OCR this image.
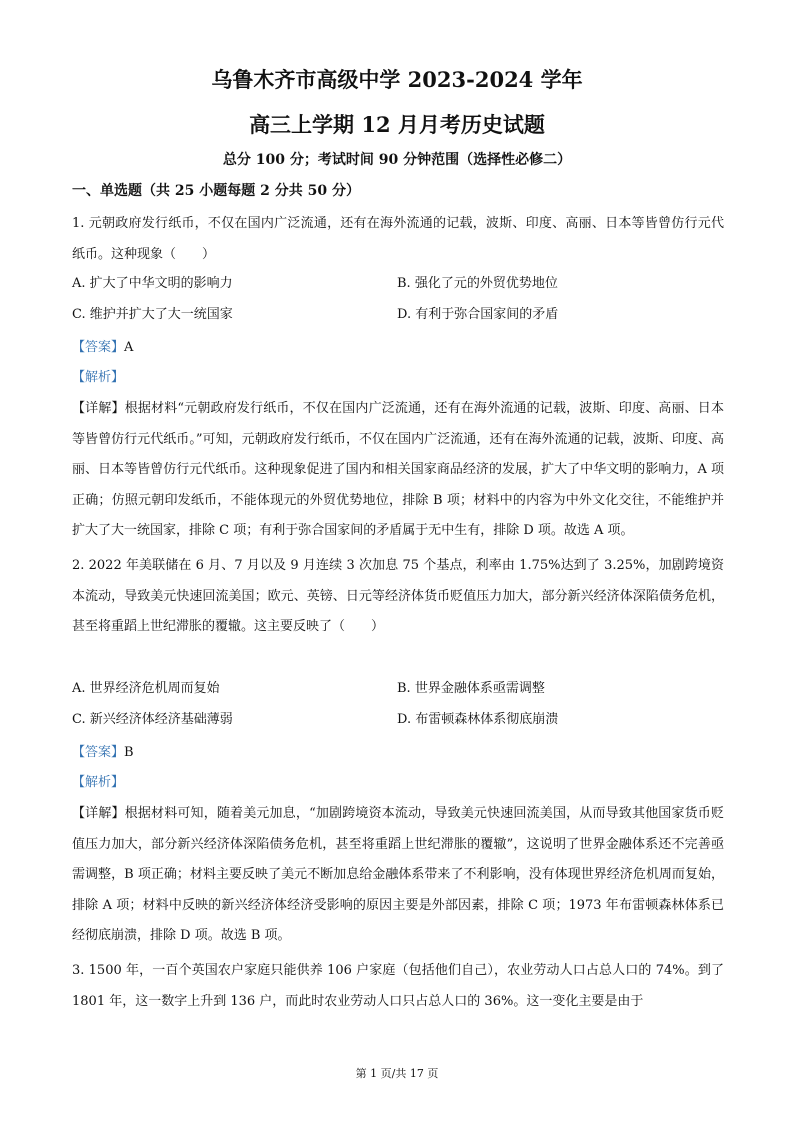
乌鲁木齐市高级中学 2023-2024 学年
高三上学期 12 月月考历史试题
总分 100 分；考试时间 90 分钟范围（选择性必修二）
一、单选题（共 25 小题每题 2 分共 50 分）
1. 元朝政府发行纸币，不仅在国内广泛流通，还有在海外流通的记载，波斯、印度、高丽、日本等皆曾仿行元代纸币。这种现象（　　）
A. 扩大了中华文明的影响力	B. 强化了元的外贸优势地位
C. 维护并扩大了大一统国家	D. 有利于弥合国家间的矛盾
【答案】A
【解析】
【详解】根据材料“元朝政府发行纸币，不仅在国内广泛流通，还有在海外流通的记载，波斯、印度、高丽、日本等皆曾仿行元代纸币。”可知，元朝政府发行纸币，不仅在国内广泛流通，还有在海外流通的记载，波斯、印度、高丽、日本等皆曾仿行元代纸币。这种现象促进了国内和相关国家商品经济的发展，扩大了中华文明的影响力，A 项正确；仿照元朝印发纸币，不能体现元的外贸优势地位，排除 B 项；材料中的内容为中外文化交往，不能维护并扩大了大一统国家，排除 C 项；有利于弥合国家间的矛盾属于无中生有，排除 D 项。故选 A 项。
2. 2022 年美联储在 6 月、7 月以及 9 月连续 3 次加息 75 个基点，利率由 1.75%达到了 3.25%，加剧跨境资本流动，导致美元快速回流美国；欧元、英镑、日元等经济体货币贬值压力加大，部分新兴经济体深陷债务危机，甚至将重蹈上世纪滞胀的覆辙。这主要反映了（　　）
A. 世界经济危机周而复始	B. 世界金融体系亟需调整
C. 新兴经济体经济基础薄弱	D. 布雷顿森林体系彻底崩溃
【答案】B
【解析】
【详解】根据材料可知，随着美元加息，“加剧跨境资本流动，导致美元快速回流美国，从而导致其他国家货币贬值压力加大，部分新兴经济体深陷债务危机，甚至将重蹈上世纪滞胀的覆辙”，这说明了世界金融体系还不完善亟需调整，B 项正确；材料主要反映了美元不断加息给金融体系带来了不利影响，没有体现世界经济危机周而复始，排除 A 项；材料中反映的新兴经济体经济受影响的原因主要是外部因素，排除 C 项；1973 年布雷顿森林体系已经彻底崩溃，排除 D 项。故选 B 项。
3. 1500 年，一百个英国农户家庭只能供养 106 户家庭（包括他们自己），农业劳动人口占总人口的 74%。到了 1801 年，这一数字上升到 136 户，而此时农业劳动人口只占总人口的 36%。这一变化主要是由于
第 1 页/共 17 页
